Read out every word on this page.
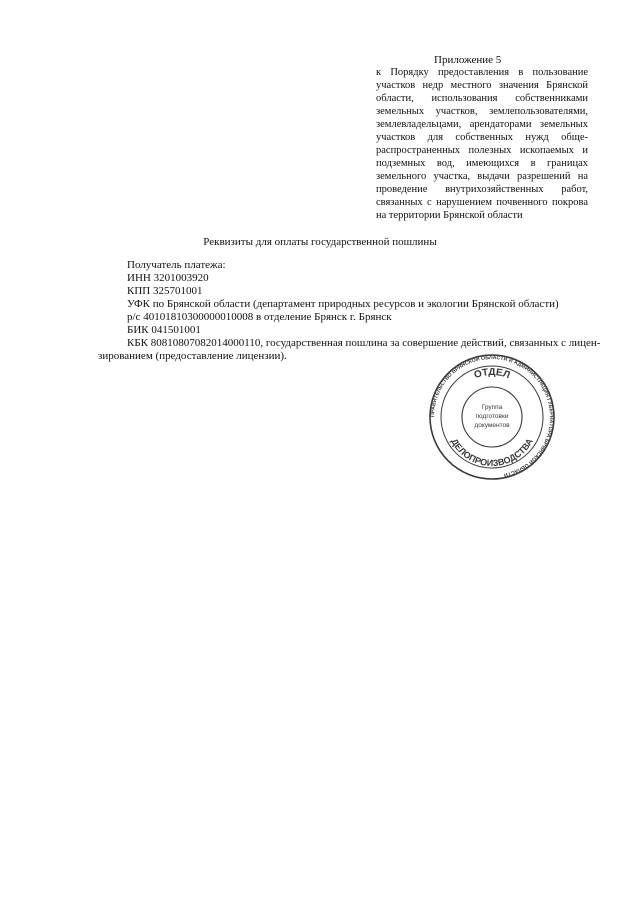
Приложение 5

к Порядку предоставления в пользование
участков недр местного значения Брянской
области, использования собственниками
земельных участков, землепользователями,
землевладельцами, арендаторами земельных
участков для собственных нужд обще-
распространенных полезных ископаемых и
подземных вод, имеющихся в границах
земельного участка, выдачи разрешений на
проведение внутрихозяйственных работ,
связанных с нарушением почвенного покрова
на территории Брянской области

Реквизиты для оплаты государственной пошлины

Получатель платежа:
ИНН 3201003920
КПП 325701001
УФК по Брянской области (департамент природных ресурсов и экологии Брянской области)
р/с 40101810300000010008 в отделение Брянск г. Брянск
БИК 041501001

КБК 80810807082014000110, государственная пошлина за совершение действий, связанных с лицен-

зированием (предоставление лицензии).

ПРАВИТЕЛЬСТВО БРЯНСКОЙ ОБЛАСТИ И АДМИНИСТРАЦИЯ ГУБЕРНАТОРА БРЯНСКОЙ ОБЛАСТИ
ОТДЕЛ
ДЕЛОПРОИЗВОДСТВА
Группа
подготовки
документов
